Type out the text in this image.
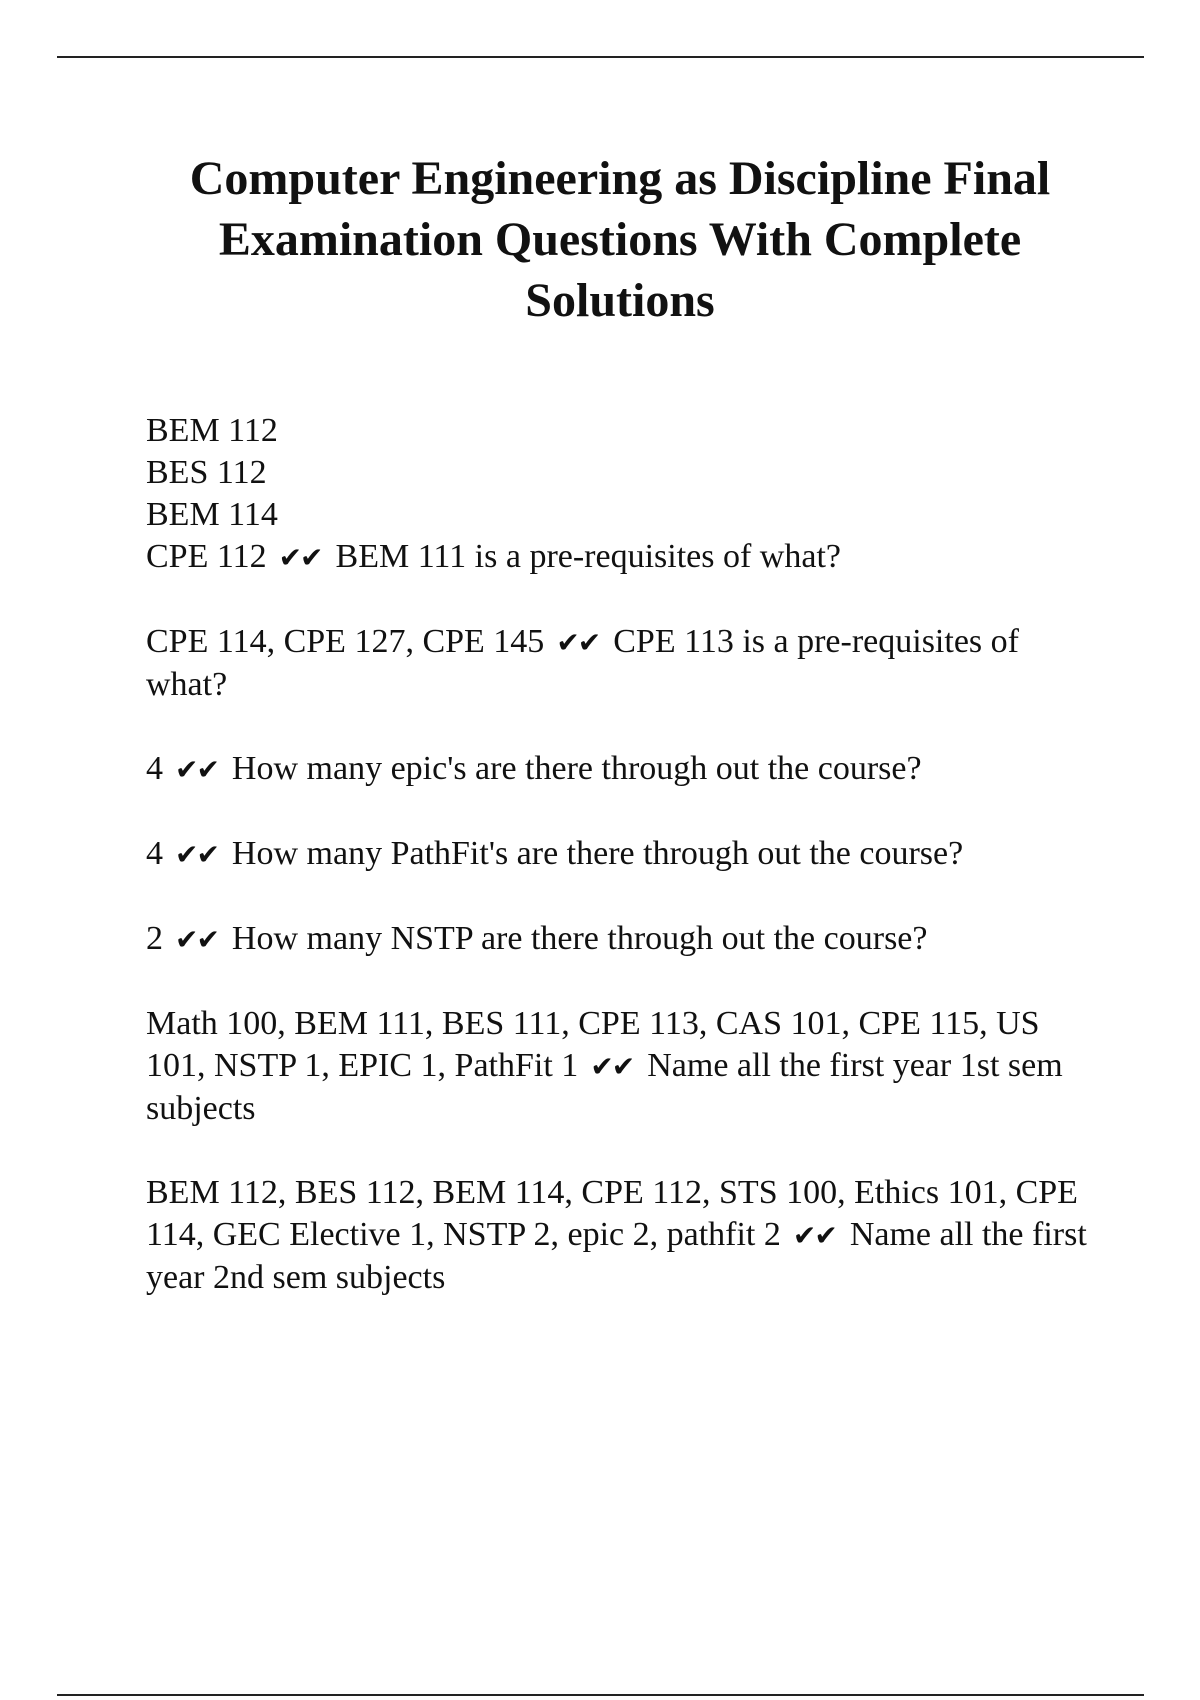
Computer Engineering as Discipline Final Examination Questions With Complete Solutions

BEM 112
BES 112
BEM 114
CPE 112 ✔✔ BEM 111 is a pre-requisites of what?

CPE 114, CPE 127, CPE 145 ✔✔ CPE 113 is a pre-requisites of what?

4 ✔✔ How many epic's are there through out the course?

4 ✔✔ How many PathFit's are there through out the course?

2 ✔✔ How many NSTP are there through out the course?

Math 100, BEM 111, BES 111, CPE 113, CAS 101, CPE 115, US 101, NSTP 1, EPIC 1, PathFit 1 ✔✔ Name all the first year 1st sem subjects

BEM 112, BES 112, BEM 114, CPE 112, STS 100, Ethics 101, CPE 114, GEC Elective 1, NSTP 2, epic 2, pathfit 2 ✔✔ Name all the first year 2nd sem subjects
